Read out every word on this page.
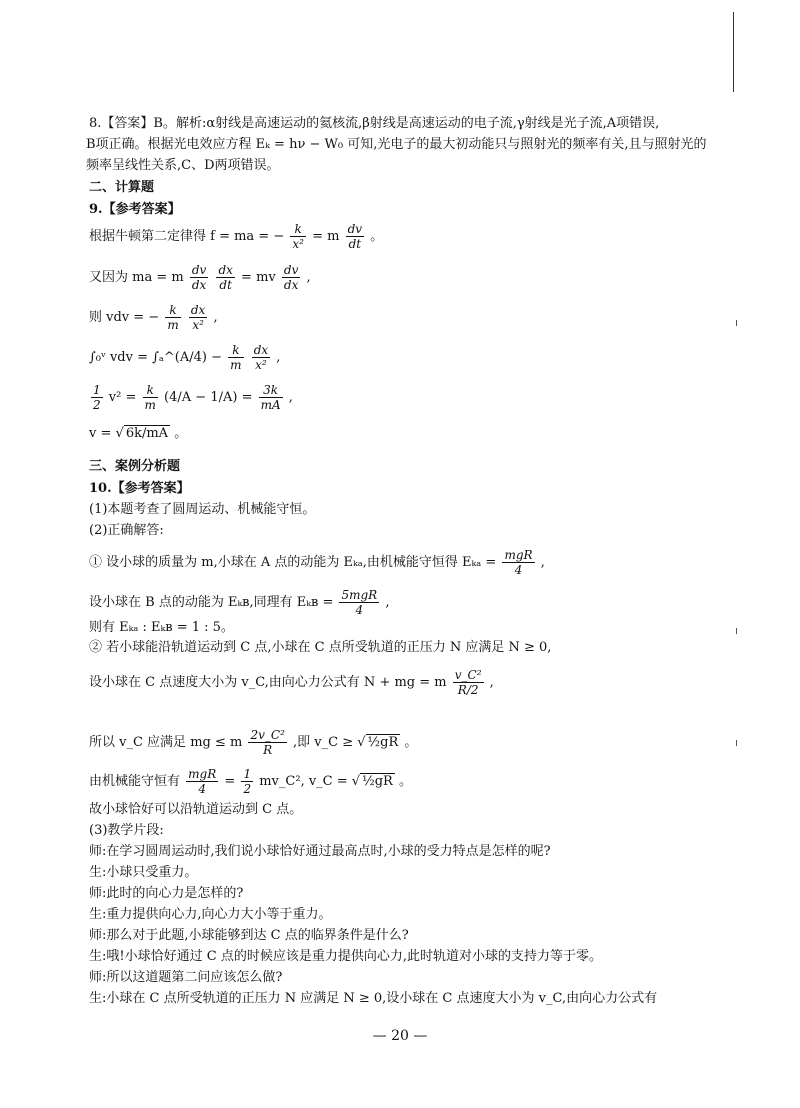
8.【答案】B。解析:α射线是高速运动的氦核流,β射线是高速运动的电子流,γ射线是光子流,A项错误,
B项正确。根据光电效应方程 Eₖ = hν − W₀ 可知,光电子的最大初动能只与照射光的频率有关,且与照射光的
频率呈线性关系,C、D两项错误。
二、计算题
9.【参考答案】
根据牛顿第二定律得 f = ma = − $\frac{k}{\text{x²}} = m \frac{dv}{dt}$ 。
又因为 ma = m $\frac{dv}{dx}$
$\frac{dx}{dt}$ = mv $\frac{dv}{dx}$ ,
则 vdv = − $\frac{k}{m}$
$\frac{dx}{\text{x²}}$ ,
∫₀ᵛ vdv = ∫ₐ^(A/4) − $\frac{k}{m}$
$\frac{dx}{\text{x²}}$ ,
$\frac{1}{2} v^2 = \frac{k}{m} (4/A - 1/A) = \frac{3k}{mA}$ ,
v = √ 6k/mA 。
三、案例分析题
10.【参考答案】
(1)本题考查了圆周运动、机械能守恒。
(2)正确解答:
① 设小球的质量为 m,小球在 A 点的动能为 Eₖₐ,由机械能守恒得 $E_{ka} = \frac{\text{mgR}}{4}$ ,
设小球在 B 点的动能为 Eₖʙ,同理有 Eₖʙ = $\frac{\text{5mgR}}{4}$ ,
则有 Eₖₐ : Eₖʙ = 1 : 5。
② 若小球能沿轨道运动到 C 点,小球在 C 点所受轨道的正压力 N 应满足 N ≥ 0,
设小球在 C 点速度大小为 v_C,由向心力公式有 N + mg = m $\frac{\text{v\_C²}}{R/2}$ ,
所以 v_C 应满足 mg ≤ m $\frac{\text{2v\_C²}}{R}$ ,即 v_C ≥ √ ½gR 。
由机械能守恒有 $\frac{\text{mgR}}{4} = \frac{1}{2}$ mv_C², v_C = √ ½gR 。
故小球恰好可以沿轨道运动到 C 点。
(3)教学片段:
师:在学习圆周运动时,我们说小球恰好通过最高点时,小球的受力特点是怎样的呢?
生:小球只受重力。
师:此时的向心力是怎样的?
生:重力提供向心力,向心力大小等于重力。
师:那么对于此题,小球能够到达 C 点的临界条件是什么?
生:哦!小球恰好通过 C 点的时候应该是重力提供向心力,此时轨道对小球的支持力等于零。
师:所以这道题第二问应该怎么做?
生:小球在 C 点所受轨道的正压力 N 应满足 N ≥ 0,设小球在 C 点速度大小为 v_C,由向心力公式有
— 20 —
